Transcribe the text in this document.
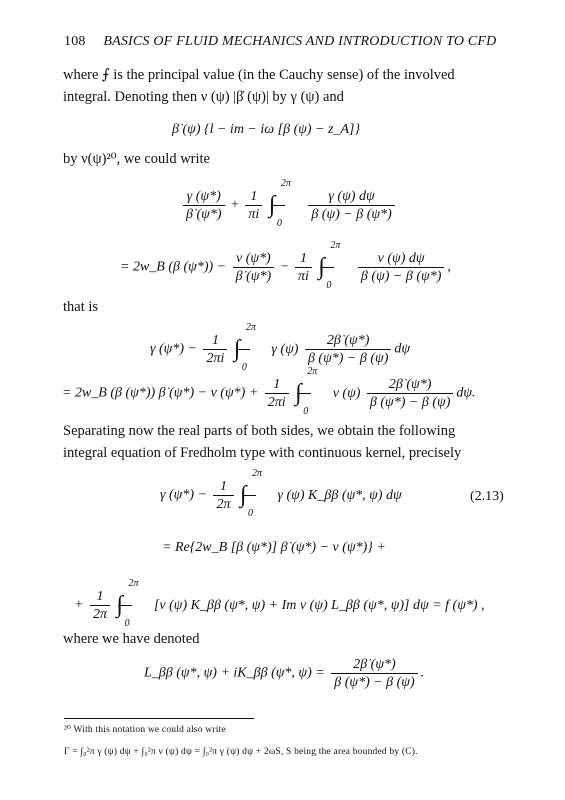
108 BASICS OF FLUID MECHANICS AND INTRODUCTION TO CFD
where ⨍ is the principal value (in the Cauchy sense) of the involved
integral. Denoting then ν (ψ) |β̇ (ψ)| by γ (ψ) and
β̇ (ψ) {l − im − iω [β (ψ) − z_A]}
by ν(ψ)²⁰, we could write
$\frac{\gamma (\psi*)}{\betȧ (\psi*)} + \frac{1}{\pi i}$ ∫
2π
0

$\frac{\gamma (\psi) d\psi}{\beta (\psi) - \beta (\psi*)}$
= 2w_B (β $(\psi*)) - \frac{\nu (\psi*)}{\betȧ (\psi*)} - \frac{1}{\pi i}$ ∫
2π
0

$\frac{\nu (\psi) d\psi}{\beta (\psi) - \beta (\psi*)}$ ,
that is
γ $(\psi*) - \frac{1}{2\pi i}$ ∫
2π
0
γ $(\psi) \frac{2\betȧ (\psi*)}{\beta (\psi*) - \beta (\psi)}$ dψ
= 2w_B (β (ψ*)) β̇ (ψ*) − ν $(\psi*) + \frac{1}{2\pi i}$ ∫
2π
0
ν $(\psi) \frac{2\betȧ (\psi*)}{\beta (\psi*) - \beta (\psi)} d\psi$.
Separating now the real parts of both sides, we obtain the following
integral equation of Fredholm type with continuous kernel, precisely
γ $(\psi*) - \frac{1}{2\pi}$ ∫
2π
0
γ (ψ) K_ββ (ψ*, ψ) dψ	(2.13)
= Re{2w_B [β (ψ*)] β̇ (ψ*) − ν (ψ*)} +
+ $\frac{1}{2\pi}$ ∫
2π
0
[ν (ψ) K_ββ (ψ*, ψ) + Im ν (ψ) L_ββ (ψ*, ψ)] dψ = f (ψ*) ,
where we have denoted
L_ββ (ψ*, ψ) + iK_ββ (ψ*, $\psi) = \frac{2\betȧ (\psi*)}{\beta (\psi*) - \beta (\psi)}$ .
²⁰ With this notation we could also write
Γ = ∫₀²π γ (ψ) dψ + ∫₀²π ν (ψ) dψ = ∫₀²π γ (ψ) dψ + 2ωS, S being the area bounded by (C).
